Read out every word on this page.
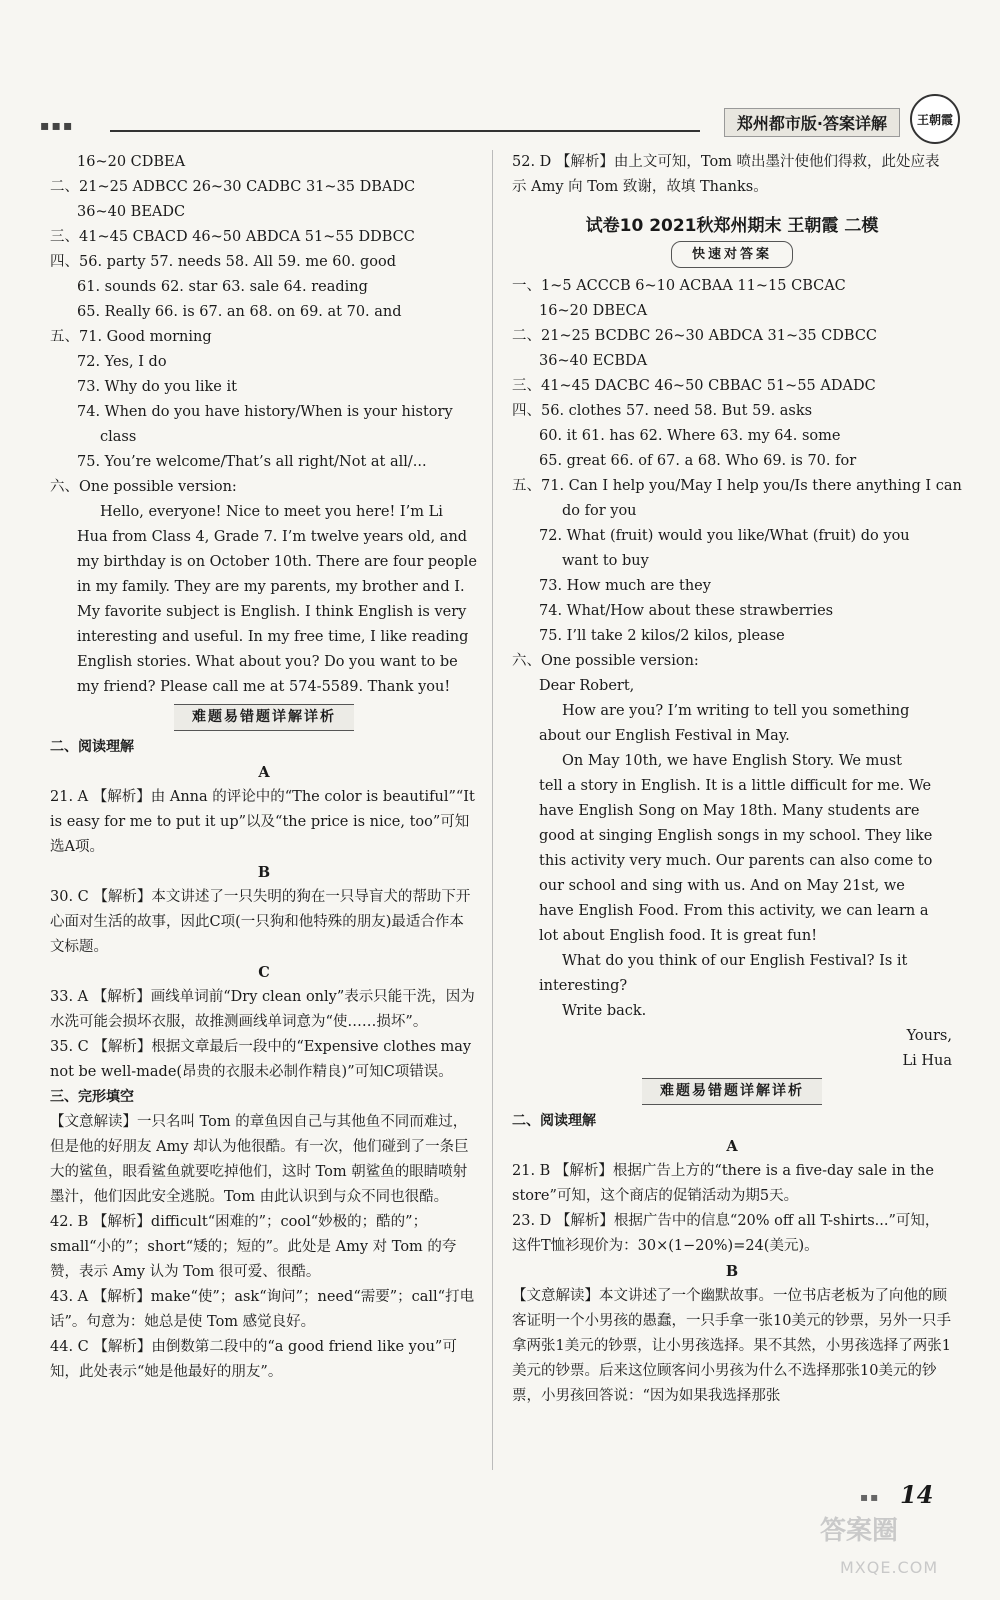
▪▪▪	郑州都市版·答案详解	王朝霞
16~20 CDBEA
二、21~25 ADBCC 26~30 CADBC 31~35 DBADC
36~40 BEADC
三、41~45 CBACD 46~50 ABDCA 51~55 DDBCC
四、56. party 57. needs 58. All 59. me 60. good
61. sounds 62. star 63. sale 64. reading
65. Really 66. is 67. an 68. on 69. at 70. and
五、71. Good morning
72. Yes, I do
73. Why do you like it
74. When do you have history/When is your history
class
75. You’re welcome/That’s all right/Not at all/...
六、One possible version:
Hello, everyone! Nice to meet you here! I’m Li
Hua from Class 4, Grade 7. I’m twelve years old, and
my birthday is on October 10th. There are four people
in my family. They are my parents, my brother and I.
My favorite subject is English. I think English is very
interesting and useful. In my free time, I like reading
English stories. What about you? Do you want to be
my friend? Please call me at 574-5589. Thank you!
难题易错题详解详析
二、阅读理解
A
21. A 【解析】由 Anna 的评论中的“The color is beautiful”“It is easy for me to put it up”以及“the price is nice, too”可知选A项。
B
30. C 【解析】本文讲述了一只失明的狗在一只导盲犬的帮助下开心面对生活的故事，因此C项(一只狗和他特殊的朋友)最适合作本文标题。
C
33. A 【解析】画线单词前“Dry clean only”表示只能干洗，因为水洗可能会损坏衣服，故推测画线单词意为“使……损坏”。
35. C 【解析】根据文章最后一段中的“Expensive clothes may not be well-made(昂贵的衣服未必制作精良)”可知C项错误。
三、完形填空
【文意解读】一只名叫 Tom 的章鱼因自己与其他鱼不同而难过，但是他的好朋友 Amy 却认为他很酷。有一次，他们碰到了一条巨大的鲨鱼，眼看鲨鱼就要吃掉他们，这时 Tom 朝鲨鱼的眼睛喷射墨汁，他们因此安全逃脱。Tom 由此认识到与众不同也很酷。
42. B 【解析】difficult“困难的”；cool“妙极的；酷的”；small“小的”；short“矮的；短的”。此处是 Amy 对 Tom 的夸赞，表示 Amy 认为 Tom 很可爱、很酷。
43. A 【解析】make“使”；ask“询问”；need“需要”；call“打电话”。句意为：她总是使 Tom 感觉良好。
44. C 【解析】由倒数第二段中的“a good friend like you”可知，此处表示“她是他最好的朋友”。
52. D 【解析】由上文可知，Tom 喷出墨汁使他们得救，此处应表示 Amy 向 Tom 致谢，故填 Thanks。
试卷10 2021秋郑州期末 王朝霞 二模
快速对答案
一、1~5 ACCCB 6~10 ACBAA 11~15 CBCAC
16~20 DBECA
二、21~25 BCDBC 26~30 ABDCA 31~35 CDBCC
36~40 ECBDA
三、41~45 DACBC 46~50 CBBAC 51~55 ADADC
四、56. clothes 57. need 58. But 59. asks
60. it 61. has 62. Where 63. my 64. some
65. great 66. of 67. a 68. Who 69. is 70. for
五、71. Can I help you/May I help you/Is there anything I can
do for you
72. What (fruit) would you like/What (fruit) do you
want to buy
73. How much are they
74. What/How about these strawberries
75. I’ll take 2 kilos/2 kilos, please
六、One possible version:
Dear Robert,
How are you? I’m writing to tell you something
about our English Festival in May.
On May 10th, we have English Story. We must
tell a story in English. It is a little difficult for me. We
have English Song on May 18th. Many students are
good at singing English songs in my school. They like
this activity very much. Our parents can also come to
our school and sing with us. And on May 21st, we
have English Food. From this activity, we can learn a
lot about English food. It is great fun!
What do you think of our English Festival? Is it
interesting?
Write back.
Yours,
Li Hua
难题易错题详解详析
二、阅读理解
A
21. B 【解析】根据广告上方的“there is a five-day sale in the store”可知，这个商店的促销活动为期5天。
23. D 【解析】根据广告中的信息“20% off all T-shirts...”可知，这件T恤衫现价为：30×(1−20%)=24(美元)。
B
【文意解读】本文讲述了一个幽默故事。一位书店老板为了向他的顾客证明一个小男孩的愚蠢，一只手拿一张10美元的钞票，另外一只手拿两张1美元的钞票，让小男孩选择。果不其然，小男孩选择了两张1美元的钞票。后来这位顾客问小男孩为什么不选择那张10美元的钞票，小男孩回答说：“因为如果我选择那张
▪▪ 14
答案圈
MXQE.COM
